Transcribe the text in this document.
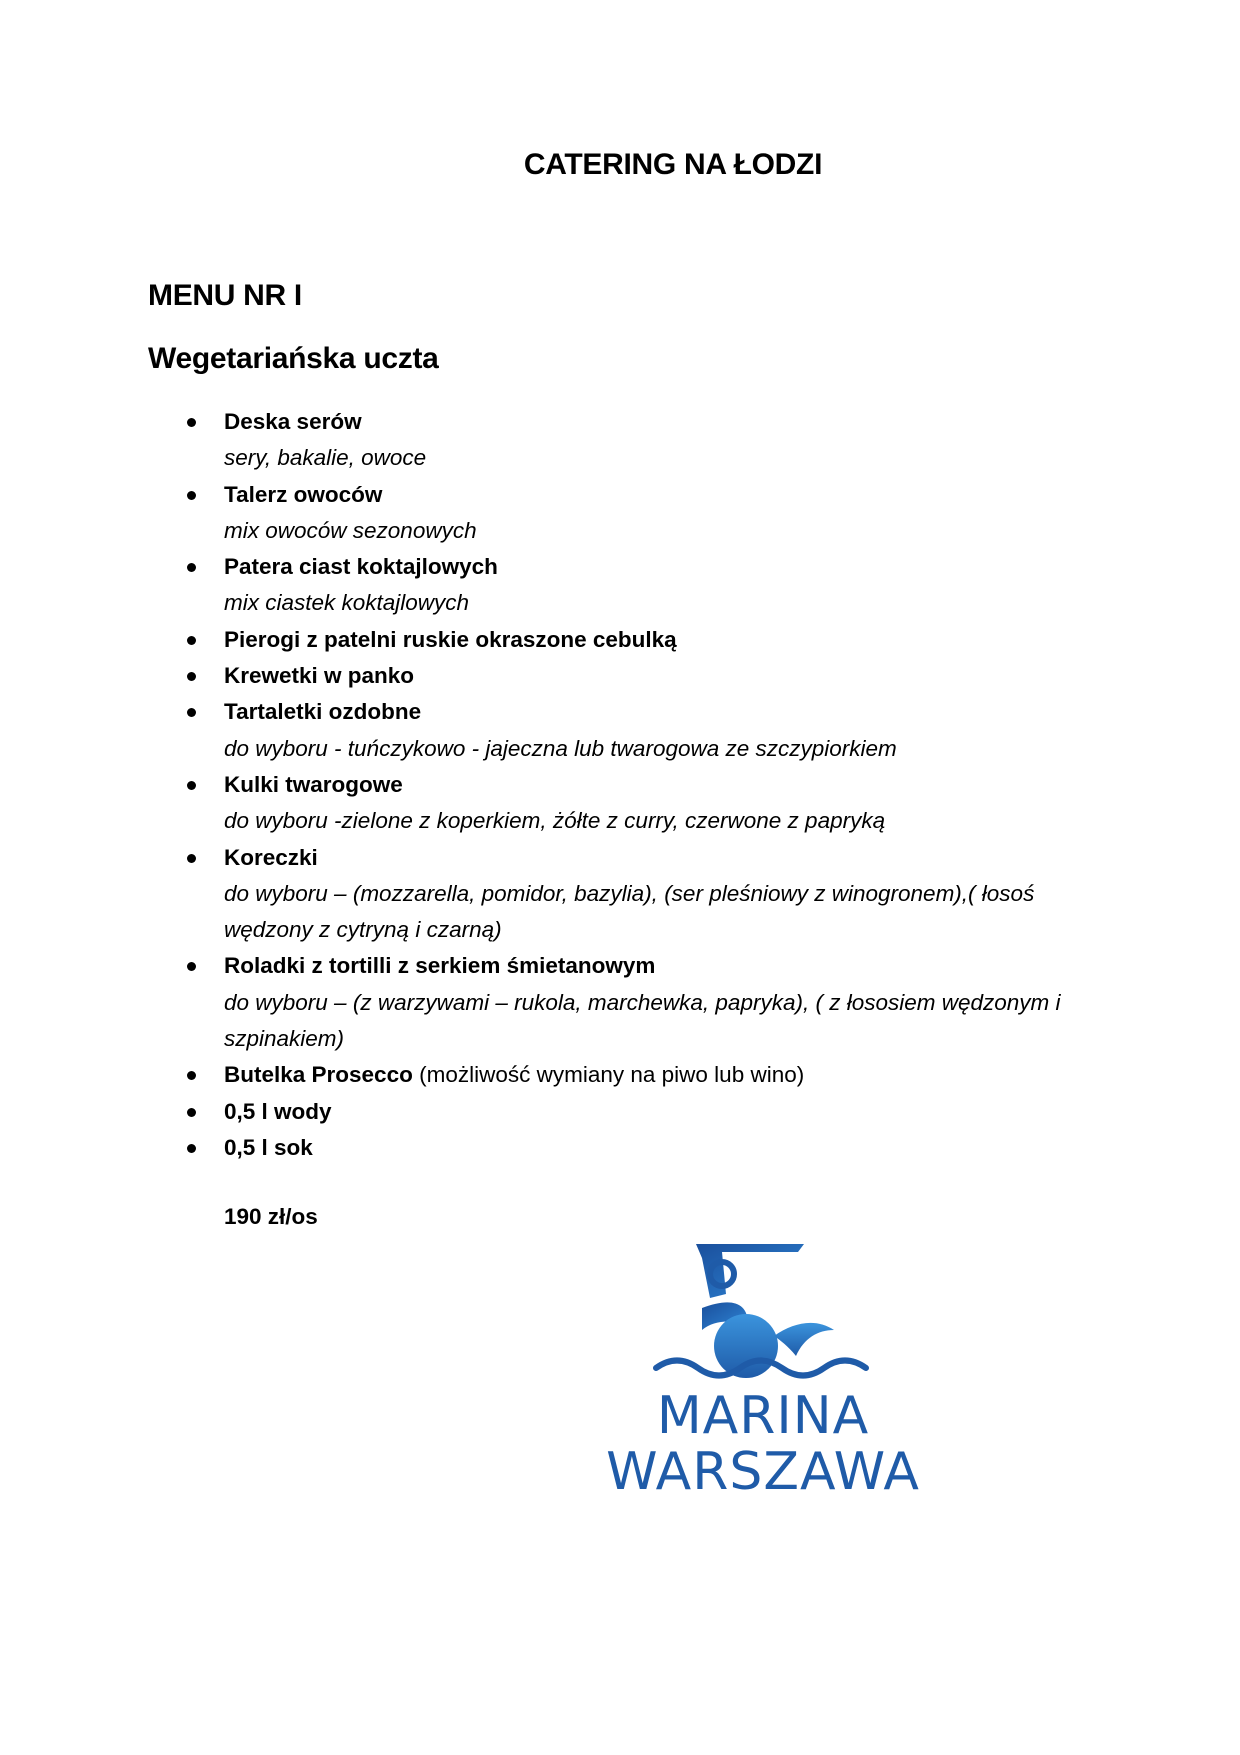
CATERING NA ŁODZI
MENU NR I
Wegetariańska uczta
Deska serów
sery, bakalie, owoce
Talerz owoców
mix owoców sezonowych
Patera ciast koktajlowych
mix ciastek koktajlowych
Pierogi z patelni ruskie okraszone cebulką
Krewetki w panko
Tartaletki ozdobne
do wyboru - tuńczykowo - jajeczna lub twarogowa ze szczypiorkiem
Kulki twarogowe
do wyboru -zielone z koperkiem, żółte z curry, czerwone z papryką
Koreczki
do wyboru – (mozzarella, pomidor, bazylia), (ser pleśniowy z winogronem),( łosoś wędzony z cytryną i czarną)
Roladki z tortilli z serkiem śmietanowym
do wyboru – (z warzywami – rukola, marchewka, papryka), ( z łososiem wędzonym i szpinakiem)
Butelka Prosecco (możliwość wymiany na piwo lub wino)
0,5 l wody
0,5 l sok
190 zł/os
MARINA
WARSZAWA
